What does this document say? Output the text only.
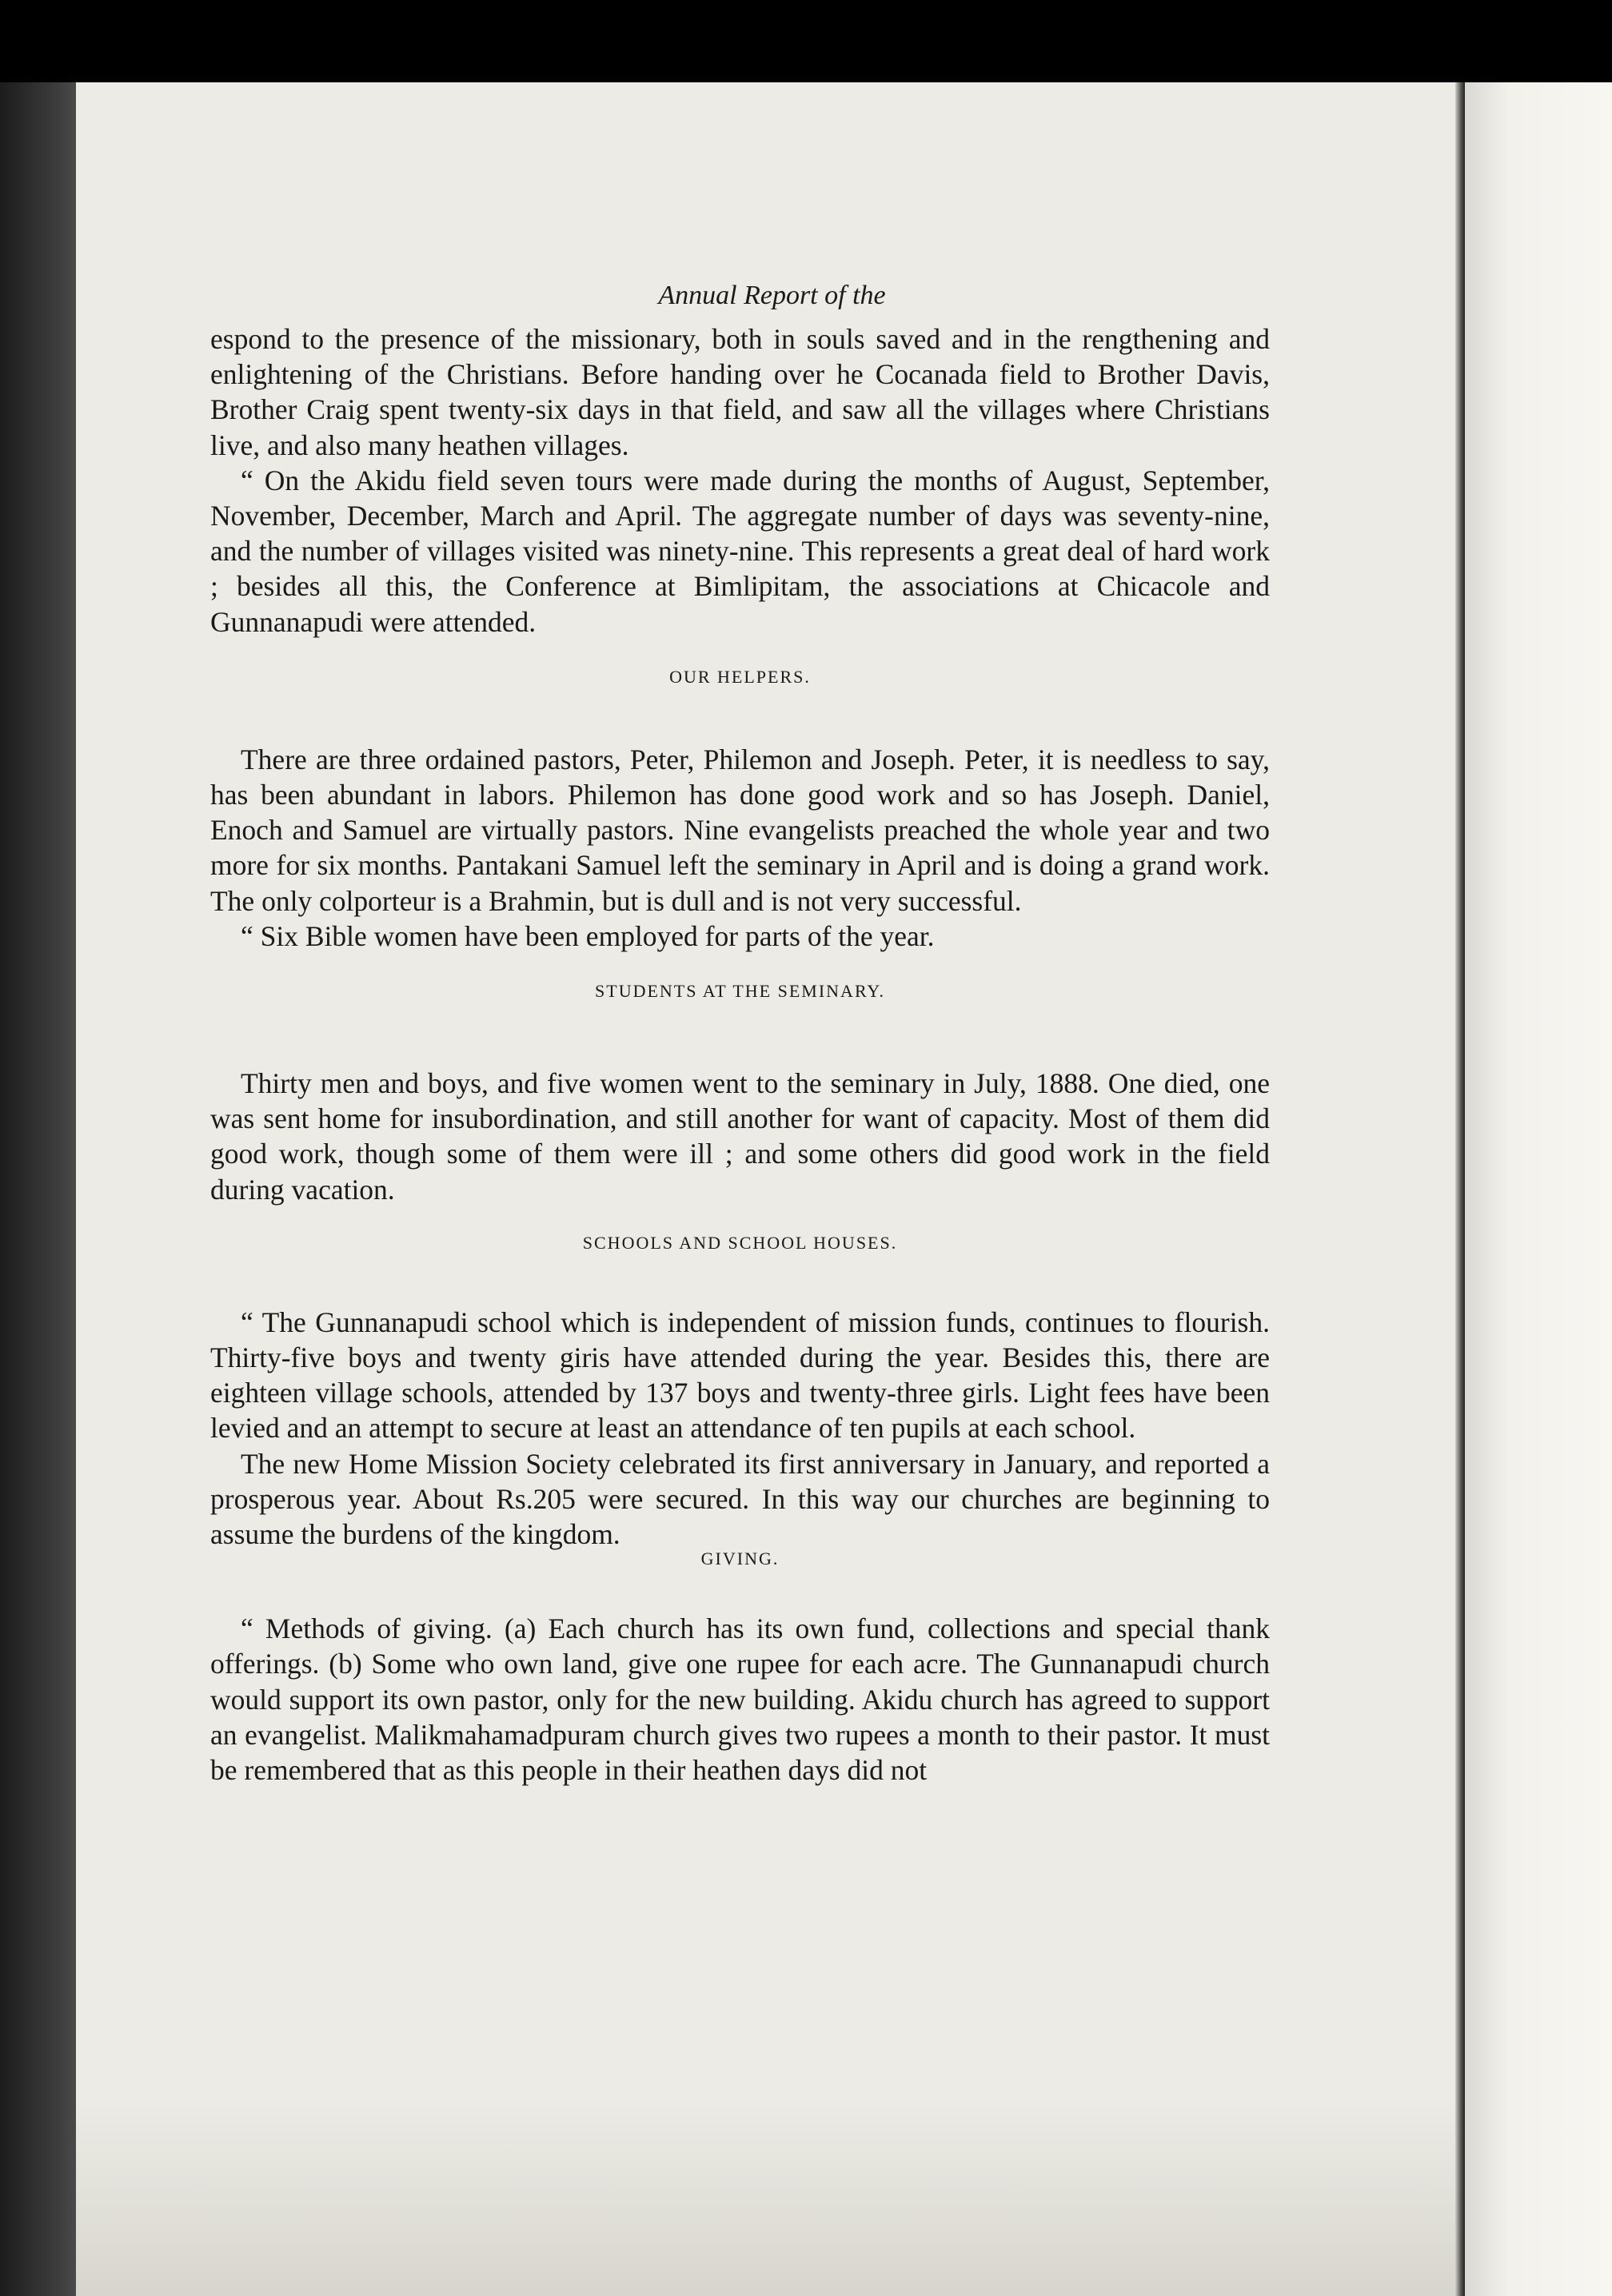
Annual Report of the

espond to the presence of the missionary, both in souls saved and in the rengthening and enlightening of the Christians. Before handing over he Cocanada field to Brother Davis, Brother Craig spent twenty-six days in that field, and saw all the villages where Christians live, and also many heathen villages.

“ On the Akidu field seven tours were made during the months of August, September, November, December, March and April. The aggregate number of days was seventy-nine, and the number of villages visited was ninety-nine. This represents a great deal of hard work ; besides all this, the Conference at Bimlipitam, the associations at Chicacole and Gunnanapudi were attended.

OUR HELPERS.

There are three ordained pastors, Peter, Philemon and Joseph. Peter, it is needless to say, has been abundant in labors. Philemon has done good work and so has Joseph. Daniel, Enoch and Samuel are virtually pastors. Nine evangelists preached the whole year and two more for six months. Pantakani Samuel left the seminary in April and is doing a grand work. The only colporteur is a Brahmin, but is dull and is not very successful.

“ Six Bible women have been employed for parts of the year.

STUDENTS AT THE SEMINARY.

Thirty men and boys, and five women went to the seminary in July, 1888. One died, one was sent home for insubordination, and still another for want of capacity. Most of them did good work, though some of them were ill ; and some others did good work in the field during vacation.

SCHOOLS AND SCHOOL HOUSES.

“ The Gunnanapudi school which is independent of mission funds, continues to flourish. Thirty-five boys and twenty giris have attended during the year. Besides this, there are eighteen village schools, attended by 137 boys and twenty-three girls. Light fees have been levied and an attempt to secure at least an attendance of ten pupils at each school.

The new Home Mission Society celebrated its first anniversary in January, and reported a prosperous year. About Rs.205 were secured. In this way our churches are beginning to assume the burdens of the kingdom.

GIVING.

“ Methods of giving. (a) Each church has its own fund, collections and special thank offerings. (b) Some who own land, give one rupee for each acre. The Gunnanapudi church would support its own pastor, only for the new building. Akidu church has agreed to support an evangelist. Malikmahamadpuram church gives two rupees a month to their pastor. It must be remembered that as this people in their heathen days did not
